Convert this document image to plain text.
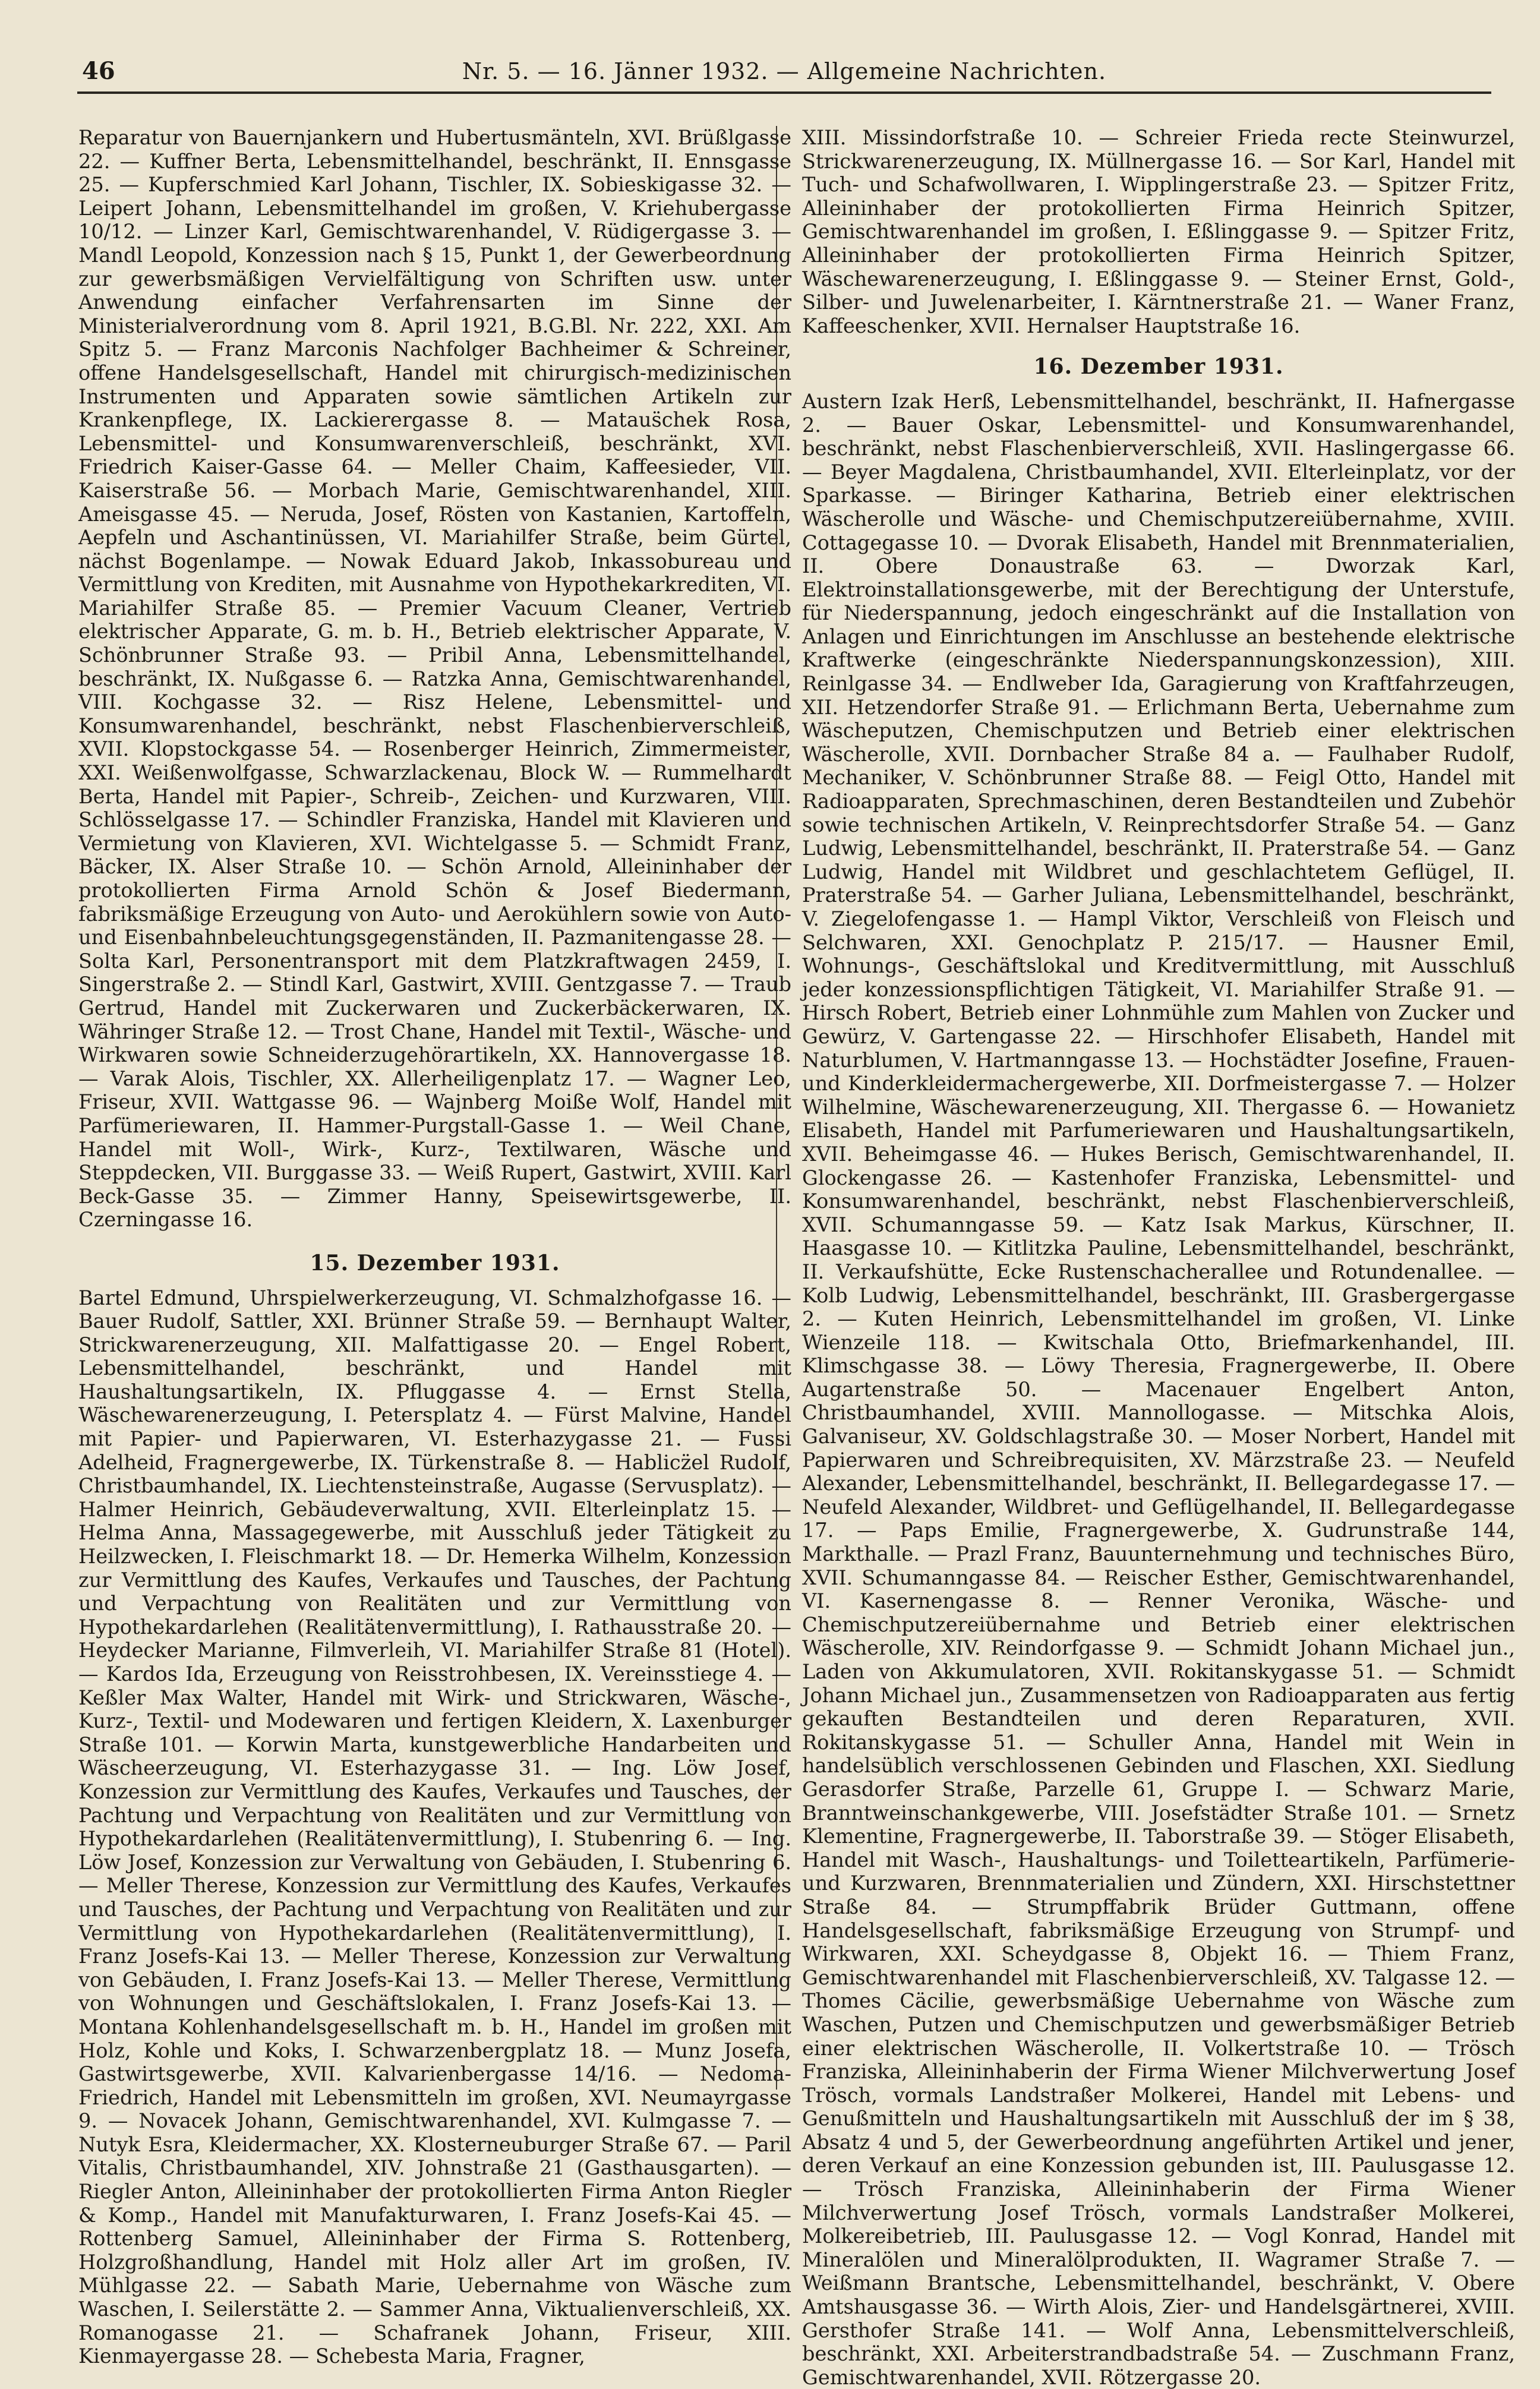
46	Nr. 5. — 16. Jänner 1932. — Allgemeine Nachrichten.

Reparatur von Bauernjankern und Hubertusmänteln, XVI. Brüßlgasse 22. — Kuffner Berta, Lebensmittelhandel, beschränkt, II. Ennsgasse 25. — Kupferschmied Karl Johann, Tischler, IX. Sobieskigasse 32. — Leipert Johann, Lebensmittelhandel im großen, V. Kriehubergasse 10/12. — Linzer Karl, Gemischtwarenhandel, V. Rüdigergasse 3. — Mandl Leopold, Konzession nach § 15, Punkt 1, der Gewerbeordnung zur gewerbsmäßigen Vervielfältigung von Schriften usw. unter Anwendung einfacher Verfahrensarten im Sinne der Ministerialverordnung vom 8. April 1921, B.G.Bl. Nr. 222, XXI. Am Spitz 5. — Franz Marconis Nachfolger Bachheimer & Schreiner, offene Handelsgesellschaft, Handel mit chirurgisch-medizinischen Instrumenten und Apparaten sowie sämtlichen Artikeln zur Krankenpflege, IX. Lackierergasse 8. — Mataus̈chek Rosa, Lebensmittel- und Konsumwarenverschleiß, beschränkt, XVI. Friedrich Kaiser-Gasse 64. — Meller Chaim, Kaffeesieder, VII. Kaiserstraße 56. — Morbach Marie, Gemischtwarenhandel, XIII. Ameisgasse 45. — Neruda, Josef, Rösten von Kastanien, Kartoffeln, Aepfeln und Aschantinüssen, VI. Mariahilfer Straße, beim Gürtel, nächst Bogenlampe. — Nowak Eduard Jakob, Inkassobureau und Vermittlung von Krediten, mit Ausnahme von Hypothekarkrediten, VI. Mariahilfer Straße 85. — Premier Vacuum Cleaner, Vertrieb elektrischer Apparate, G. m. b. H., Betrieb elektrischer Apparate, V. Schönbrunner Straße 93. — Pribil Anna, Lebensmittelhandel, beschränkt, IX. Nußgasse 6. — Ratzka Anna, Gemischtwarenhandel, VIII. Kochgasse 32. — Risz Helene, Lebensmittel- und Konsumwarenhandel, beschränkt, nebst Flaschenbierverschleiß, XVII. Klopstockgasse 54. — Rosenberger Heinrich, Zimmermeister, XXI. Weißenwolfgasse, Schwarzlackenau, Block W. — Rummelhardt Berta, Handel mit Papier-, Schreib-, Zeichen- und Kurzwaren, VIII. Schlösselgasse 17. — Schindler Franziska, Handel mit Klavieren und Vermietung von Klavieren, XVI. Wichtelgasse 5. — Schmidt Franz, Bäcker, IX. Alser Straße 10. — Schön Arnold, Alleininhaber der protokollierten Firma Arnold Schön & Josef Biedermann, fabriksmäßige Erzeugung von Auto- und Aerokühlern sowie von Auto- und Eisenbahnbeleuchtungsgegenständen, II. Pazmanitengasse 28. — Solta Karl, Personentransport mit dem Platzkraftwagen 2459, I. Singerstraße 2. — Stindl Karl, Gastwirt, XVIII. Gentzgasse 7. — Traub Gertrud, Handel mit Zuckerwaren und Zuckerbäckerwaren, IX. Währinger Straße 12. — Trost Chane, Handel mit Textil-, Wäsche- und Wirkwaren sowie Schneiderzugehörartikeln, XX. Hannovergasse 18. — Varak Alois, Tischler, XX. Allerheiligenplatz 17. — Wagner Leo, Friseur, XVII. Wattgasse 96. — Wajnberg Moiße Wolf, Handel mit Parfümeriewaren, II. Hammer-Purgstall-Gasse 1. — Weil Chane, Handel mit Woll-, Wirk-, Kurz-, Textilwaren, Wäsche und Steppdecken, VII. Burggasse 33. — Weiß Rupert, Gastwirt, XVIII. Karl Beck-Gasse 35. — Zimmer Hanny, Speisewirtsgewerbe, II. Czerningasse 16.

15. Dezember 1931.

Bartel Edmund, Uhrspielwerkerzeugung, VI. Schmalzhofgasse 16. — Bauer Rudolf, Sattler, XXI. Brünner Straße 59. — Bernhaupt Walter, Strickwarenerzeugung, XII. Malfattigasse 20. — Engel Robert, Lebensmittelhandel, beschränkt, und Handel mit Haushaltungsartikeln, IX. Pfluggasse 4. — Ernst Stella, Wäschewarenerzeugung, I. Petersplatz 4. — Fürst Malvine, Handel mit Papier- und Papierwaren, VI. Esterhazygasse 21. — Fussi Adelheid, Fragnergewerbe, IX. Türkenstraße 8. — Hablicz̈el Rudolf, Christbaumhandel, IX. Liechtensteinstraße, Augasse (Servusplatz). — Halmer Heinrich, Gebäudeverwaltung, XVII. Elterleinplatz 15. — Helma Anna, Massagegewerbe, mit Ausschluß jeder Tätigkeit zu Heilzwecken, I. Fleischmarkt 18. — Dr. Hemerka Wilhelm, Konzession zur Vermittlung des Kaufes, Verkaufes und Tausches, der Pachtung und Verpachtung von Realitäten und zur Vermittlung von Hypothekardarlehen (Realitätenvermittlung), I. Rathausstraße 20. — Heydecker Marianne, Filmverleih, VI. Mariahilfer Straße 81 (Hotel). — Kardos Ida, Erzeugung von Reisstrohbesen, IX. Vereinsstiege 4. — Keßler Max Walter, Handel mit Wirk- und Strickwaren, Wäsche-, Kurz-, Textil- und Modewaren und fertigen Kleidern, X. Laxenburger Straße 101. — Korwin Marta, kunstgewerbliche Handarbeiten und Wäscheerzeugung, VI. Esterhazygasse 31. — Ing. Löw Josef, Konzession zur Vermittlung des Kaufes, Verkaufes und Tausches, der Pachtung und Verpachtung von Realitäten und zur Vermittlung von Hypothekardarlehen (Realitätenvermittlung), I. Stubenring 6. — Ing. Löw Josef, Konzession zur Verwaltung von Gebäuden, I. Stubenring 6. — Meller Therese, Konzession zur Vermittlung des Kaufes, Verkaufes und Tausches, der Pachtung und Verpachtung von Realitäten und zur Vermittlung von Hypothekardarlehen (Realitätenvermittlung), I. Franz Josefs-Kai 13. — Meller Therese, Konzession zur Verwaltung von Gebäuden, I. Franz Josefs-Kai 13. — Meller Therese, Vermittlung von Wohnungen und Geschäftslokalen, I. Franz Josefs-Kai 13. — Montana Kohlenhandelsgesellschaft m. b. H., Handel im großen mit Holz, Kohle und Koks, I. Schwarzenbergplatz 18. — Munz Josefa, Gastwirtsgewerbe, XVII. Kalvarienbergasse 14/16. — Nedoma-Friedrich, Handel mit Lebensmitteln im großen, XVI. Neumayrgasse 9. — Novacek Johann, Gemischtwarenhandel, XVI. Kulmgasse 7. — Nutyk Esra, Kleidermacher, XX. Klosterneuburger Straße 67. — Paril Vitalis, Christbaumhandel, XIV. Johnstraße 21 (Gasthausgarten). — Riegler Anton, Alleininhaber der protokollierten Firma Anton Riegler & Komp., Handel mit Manufakturwaren, I. Franz Josefs-Kai 45. — Rottenberg Samuel, Alleininhaber der Firma S. Rottenberg, Holzgroßhandlung, Handel mit Holz aller Art im großen, IV. Mühlgasse 22. — Sabath Marie, Uebernahme von Wäsche zum Waschen, I. Seilerstätte 2. — Sammer Anna, Viktualienverschleiß, XX. Romanogasse 21. — Schafranek Johann, Friseur, XIII. Kienmayergasse 28. — Schebesta Maria, Fragner,

XIII. Missindorfstraße 10. — Schreier Frieda recte Steinwurzel, Strickwarenerzeugung, IX. Müllnergasse 16. — Sor Karl, Handel mit Tuch- und Schafwollwaren, I. Wipplingerstraße 23. — Spitzer Fritz, Alleininhaber der protokollierten Firma Heinrich Spitzer, Gemischtwarenhandel im großen, I. Eßlinggasse 9. — Spitzer Fritz, Alleininhaber der protokollierten Firma Heinrich Spitzer, Wäschewarenerzeugung, I. Eßlinggasse 9. — Steiner Ernst, Gold-, Silber- und Juwelenarbeiter, I. Kärntnerstraße 21. — Waner Franz, Kaffeeschenker, XVII. Hernalser Hauptstraße 16.

16. Dezember 1931.

Austern Izak Herß, Lebensmittelhandel, beschränkt, II. Hafnergasse 2. — Bauer Oskar, Lebensmittel- und Konsumwarenhandel, beschränkt, nebst Flaschenbierverschleiß, XVII. Haslingergasse 66. — Beyer Magdalena, Christbaumhandel, XVII. Elterleinplatz, vor der Sparkasse. — Biringer Katharina, Betrieb einer elektrischen Wäscherolle und Wäsche- und Chemischputzereiübernahme, XVIII. Cottagegasse 10. — Dvorak Elisabeth, Handel mit Brennmaterialien, II. Obere Donaustraße 63. — Dworzak Karl, Elektroinstallationsgewerbe, mit der Berechtigung der Unterstufe, für Niederspannung, jedoch eingeschränkt auf die Installation von Anlagen und Einrichtungen im Anschlusse an bestehende elektrische Kraftwerke (eingeschränkte Niederspannungskonzession), XIII. Reinlgasse 34. — Endlweber Ida, Garagierung von Kraftfahrzeugen, XII. Hetzendorfer Straße 91. — Erlichmann Berta, Uebernahme zum Wäscheputzen, Chemischputzen und Betrieb einer elektrischen Wäscherolle, XVII. Dornbacher Straße 84 a. — Faulhaber Rudolf, Mechaniker, V. Schönbrunner Straße 88. — Feigl Otto, Handel mit Radioapparaten, Sprechmaschinen, deren Bestandteilen und Zubehör sowie technischen Artikeln, V. Reinprechtsdorfer Straße 54. — Ganz Ludwig, Lebensmittelhandel, beschränkt, II. Praterstraße 54. — Ganz Ludwig, Handel mit Wildbret und geschlachtetem Geflügel, II. Praterstraße 54. — Garher Juliana, Lebensmittelhandel, beschränkt, V. Ziegelofengasse 1. — Hampl Viktor, Verschleiß von Fleisch und Selchwaren, XXI. Genochplatz P. 215/17. — Hausner Emil, Wohnungs-, Geschäftslokal und Kreditvermittlung, mit Ausschluß jeder konzessionspflichtigen Tätigkeit, VI. Mariahilfer Straße 91. — Hirsch Robert, Betrieb einer Lohnmühle zum Mahlen von Zucker und Gewürz, V. Gartengasse 22. — Hirschhofer Elisabeth, Handel mit Naturblumen, V. Hartmanngasse 13. — Hochstädter Josefine, Frauen- und Kinderkleidermachergewerbe, XII. Dorfmeistergasse 7. — Holzer Wilhelmine, Wäschewarenerzeugung, XII. Thergasse 6. — Howanietz Elisabeth, Handel mit Parfumeriewaren und Haushaltungsartikeln, XVII. Beheimgasse 46. — Hukes Berisch, Gemischtwarenhandel, II. Glockengasse 26. — Kastenhofer Franziska, Lebensmittel- und Konsumwarenhandel, beschränkt, nebst Flaschenbierverschleiß, XVII. Schumanngasse 59. — Katz Isak Markus, Kürschner, II. Haasgasse 10. — Kitlitzka Pauline, Lebensmittelhandel, beschränkt, II. Verkaufshütte, Ecke Rustenschacherallee und Rotundenallee. — Kolb Ludwig, Lebensmittelhandel, beschränkt, III. Grasbergergasse 2. — Kuten Heinrich, Lebensmittelhandel im großen, VI. Linke Wienzeile 118. — Kwitschala Otto, Briefmarkenhandel, III. Klimschgasse 38. — Löwy Theresia, Fragnergewerbe, II. Obere Augartenstraße 50. — Macenauer Engelbert Anton, Christbaumhandel, XVIII. Mannollogasse. — Mitschka Alois, Galvaniseur, XV. Goldschlagstraße 30. — Moser Norbert, Handel mit Papierwaren und Schreibrequisiten, XV. Märzstraße 23. — Neufeld Alexander, Lebensmittelhandel, beschränkt, II. Bellegardegasse 17. — Neufeld Alexander, Wildbret- und Geflügelhandel, II. Bellegardegasse 17. — Paps Emilie, Fragnergewerbe, X. Gudrunstraße 144, Markthalle. — Prazl Franz, Bauunternehmung und technisches Büro, XVII. Schumanngasse 84. — Reischer Esther, Gemischtwarenhandel, VI. Kasernengasse 8. — Renner Veronika, Wäsche- und Chemischputzereiübernahme und Betrieb einer elektrischen Wäscherolle, XIV. Reindorfgasse 9. — Schmidt Johann Michael jun., Laden von Akkumulatoren, XVII. Rokitanskygasse 51. — Schmidt Johann Michael jun., Zusammensetzen von Radioapparaten aus fertig gekauften Bestandteilen und deren Reparaturen, XVII. Rokitanskygasse 51. — Schuller Anna, Handel mit Wein in handelsüblich verschlossenen Gebinden und Flaschen, XXI. Siedlung Gerasdorfer Straße, Parzelle 61, Gruppe I. — Schwarz Marie, Branntweinschankgewerbe, VIII. Josefstädter Straße 101. — Srnetz Klementine, Fragnergewerbe, II. Taborstraße 39. — Stöger Elisabeth, Handel mit Wasch-, Haushaltungs- und Toiletteartikeln, Parfümerie- und Kurzwaren, Brennmaterialien und Zündern, XXI. Hirschstettner Straße 84. — Strumpffabrik Brüder Guttmann, offene Handelsgesellschaft, fabriksmäßige Erzeugung von Strumpf- und Wirkwaren, XXI. Scheydgasse 8, Objekt 16. — Thiem Franz, Gemischtwarenhandel mit Flaschenbierverschleiß, XV. Talgasse 12. — Thomes Cäcilie, gewerbsmäßige Uebernahme von Wäsche zum Waschen, Putzen und Chemischputzen und gewerbsmäßiger Betrieb einer elektrischen Wäscherolle, II. Volkertstraße 10. — Trösch Franziska, Alleininhaberin der Firma Wiener Milchverwertung Josef Trösch, vormals Landstraßer Molkerei, Handel mit Lebens- und Genußmitteln und Haushaltungsartikeln mit Ausschluß der im § 38, Absatz 4 und 5, der Gewerbeordnung angeführten Artikel und jener, deren Verkauf an eine Konzession gebunden ist, III. Paulusgasse 12. — Trösch Franziska, Alleininhaberin der Firma Wiener Milchverwertung Josef Trösch, vormals Landstraßer Molkerei, Molkereibetrieb, III. Paulusgasse 12. — Vogl Konrad, Handel mit Mineralölen und Mineralölprodukten, II. Wagramer Straße 7. — Weißmann Brantsche, Lebensmittelhandel, beschränkt, V. Obere Amtshausgasse 36. — Wirth Alois, Zier- und Handelsgärtnerei, XVIII. Gersthofer Straße 141. — Wolf Anna, Lebensmittelverschleiß, beschränkt, XXI. Arbeiterstrandbadstraße 54. — Zuschmann Franz, Gemischtwarenhandel, XVII. Rötzergasse 20.
